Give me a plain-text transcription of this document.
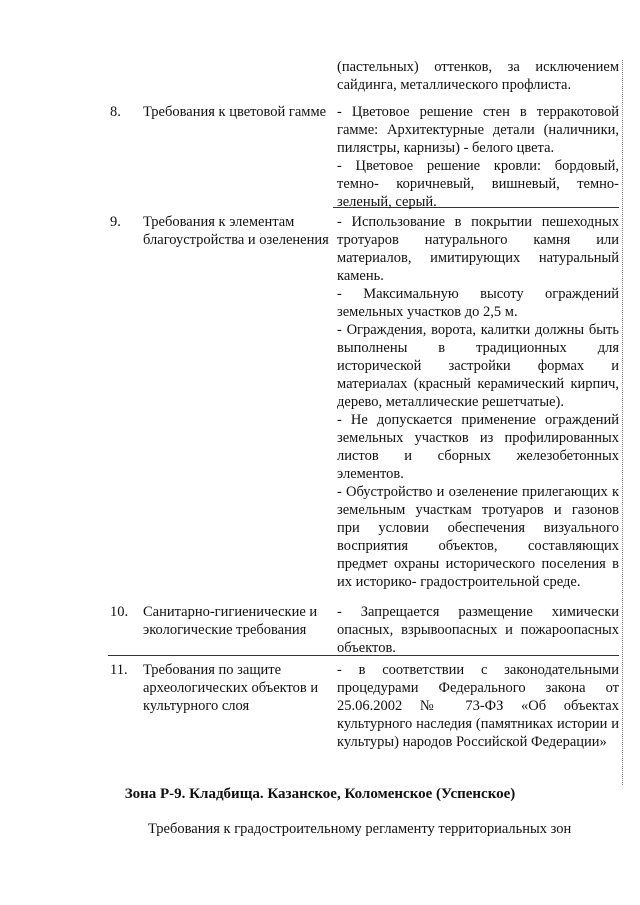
(пастельных) оттенков, за исключением сайдинга, металлического профлиста.

8. Требования к цветовой гамме - Цветовое решение стен в терракотовой гамме: Архитектурные детали (наличники, пилястры, карнизы) - белого цвета.

- Цветовое решение кровли: бордовый, темно- коричневый, вишневый, темно-зеленый, серый.

9. Требования к элементам благоустройства и озеленения

- Использование в покрытии пешеходных тротуаров натурального камня или материалов, имитирующих натуральный камень.

- Максимальную высоту ограждений земельных участков до 2,5 м.

- Ограждения, ворота, калитки должны быть выполнены в традиционных для исторической застройки формах и материалах (красный керамический кирпич, дерево, металлические решетчатые).

- Не допускается применение ограждений земельных участков из профилированных листов и сборных железобетонных элементов.

- Обустройство и озеленение прилегающих к земельным участкам тротуаров и газонов при условии обеспечения визуального восприятия объектов, составляющих предмет охраны исторического поселения в их историко- градостроительной среде.

10. Санитарно-гигиенические и экологические требования

- Запрещается размещение химически опасных, взрывоопасных и пожароопасных объектов.

11. Требования по защите археологических объектов и культурного слоя

- в соответствии с законодательными процедурами Федерального закона от 25.06.2002 № 73-ФЗ «Об объектах культурного наследия (памятниках истории и культуры) народов Российской Федерации»

Зона Р-9. Кладбища. Казанское, Коломенское (Успенское)
Требования к градостроительному регламенту территориальных зон
